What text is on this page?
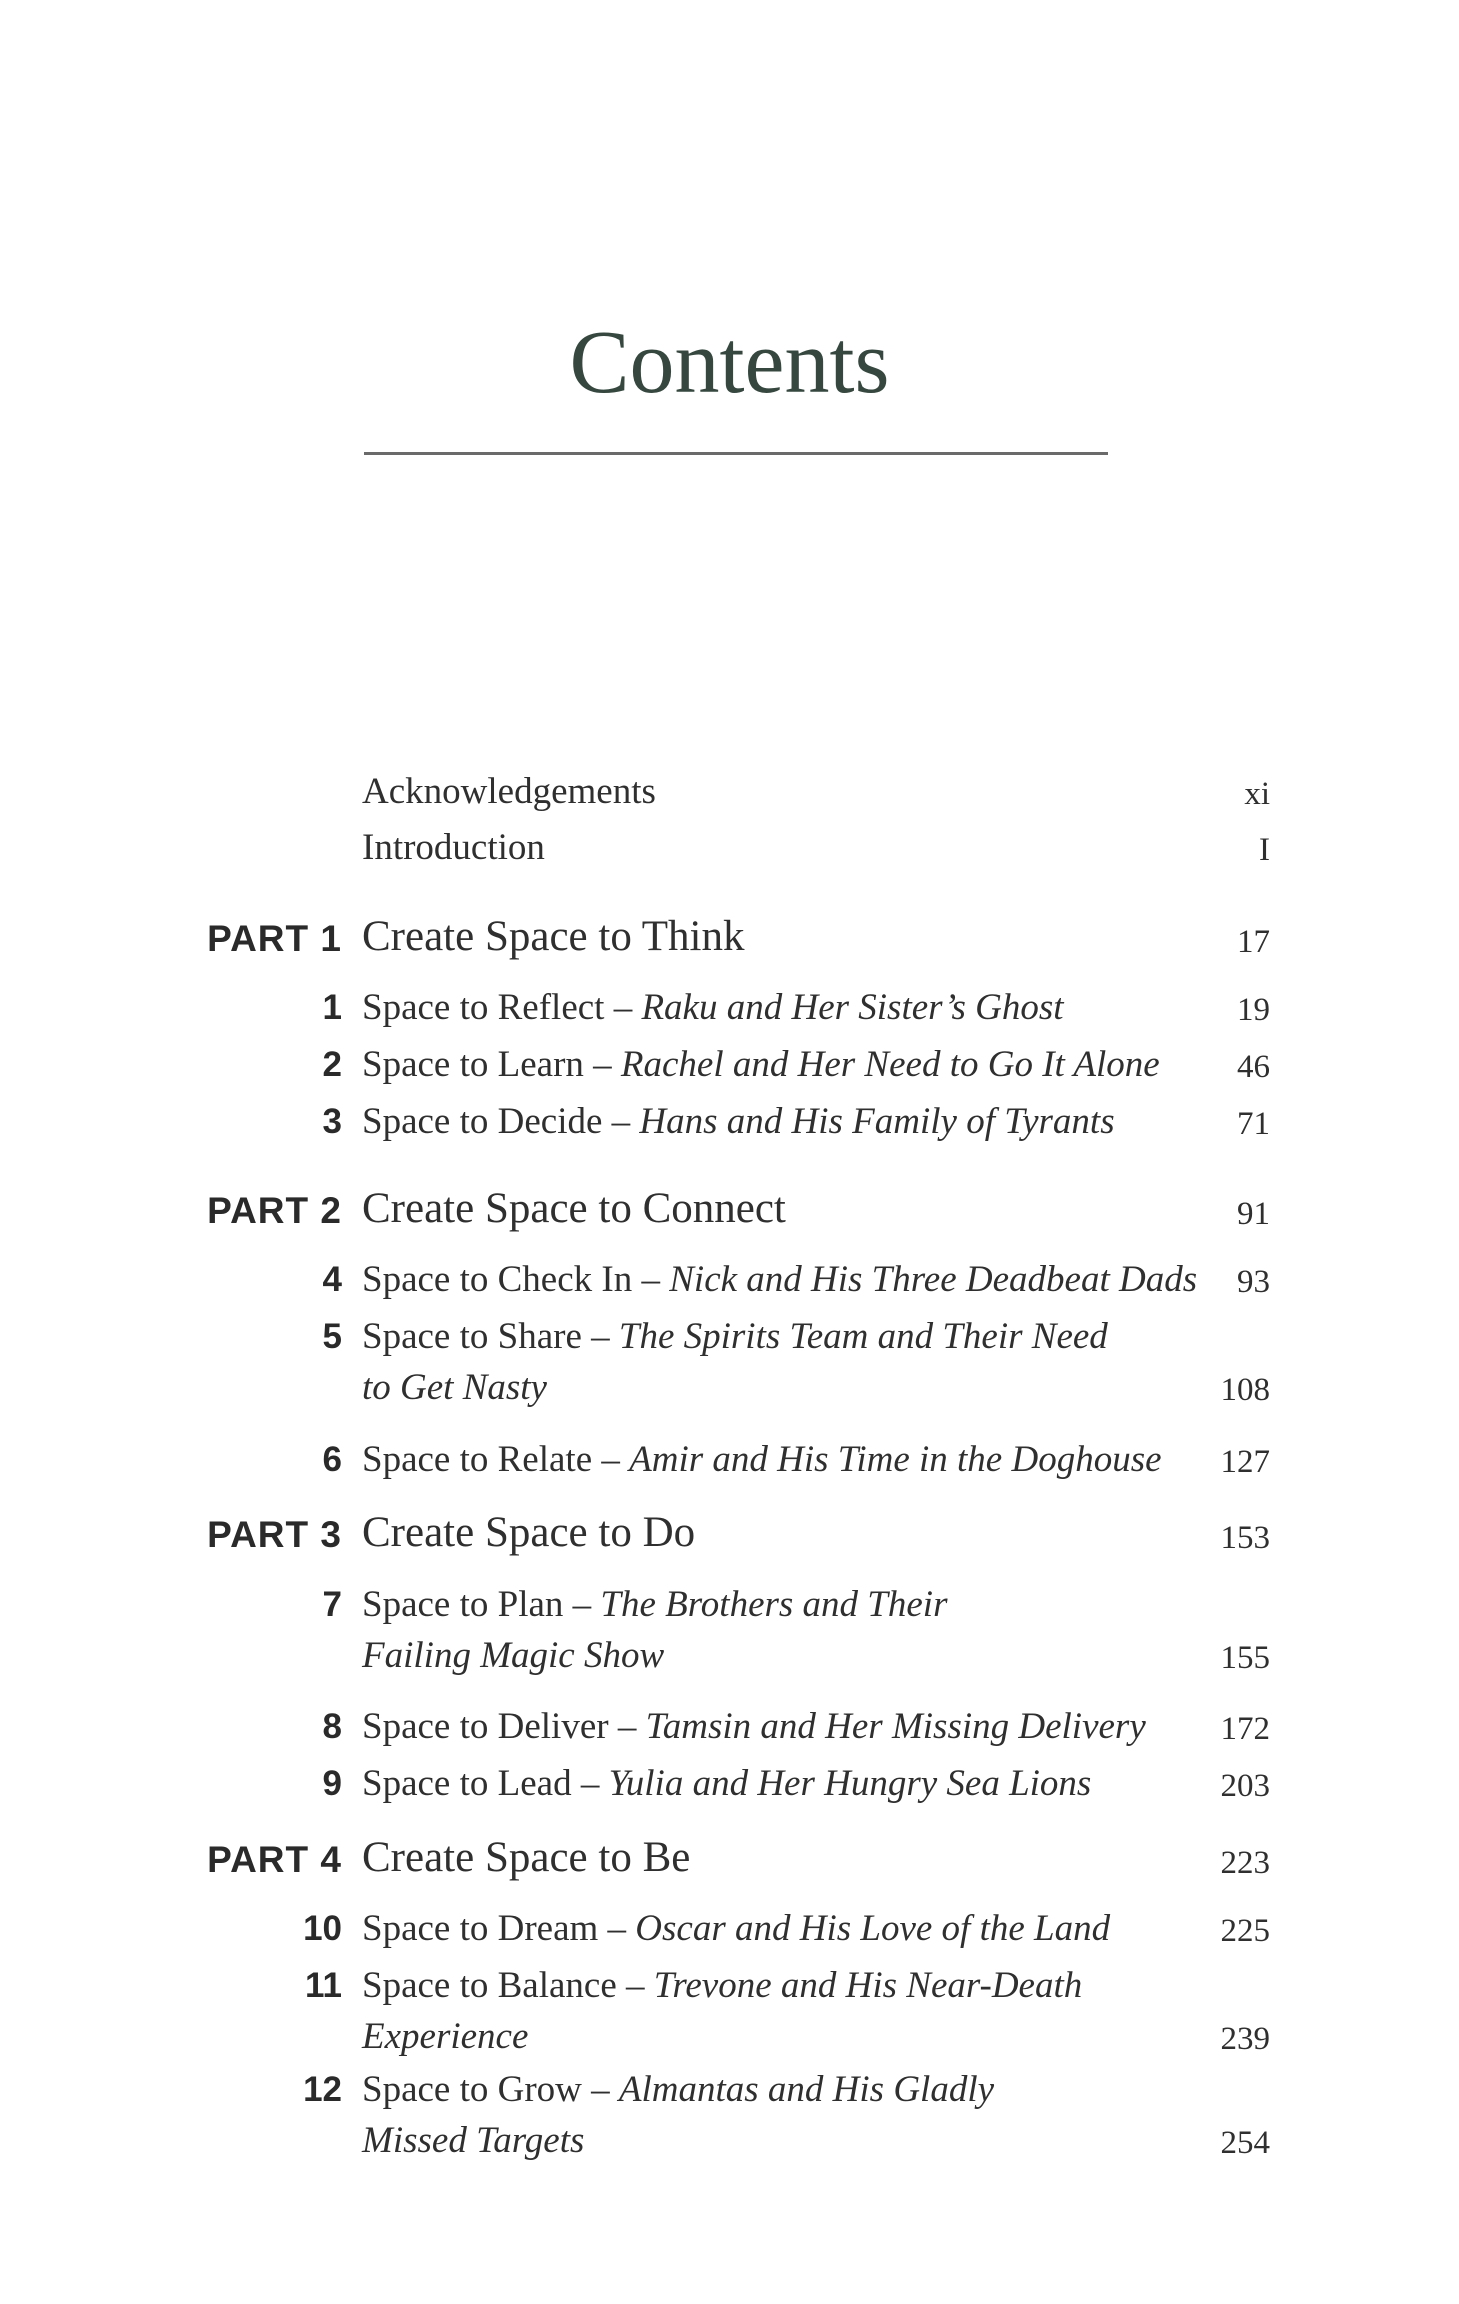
Contents
Acknowledgements	xi
Introduction	I
PART 1 Create Space to Think	17
1 Space to Reflect – Raku and Her Sister’s Ghost	19
2 Space to Learn – Rachel and Her Need to Go It Alone 46
3 Space to Decide – Hans and His Family of Tyrants	71
PART 2 Create Space to Connect	91
4 Space to Check In – Nick and His Three Deadbeat Dads 93
5 Space to Share – The Spirits Team and Their Need
to Get Nasty	108
6 Space to Relate – Amir and His Time in the Doghouse 127
PART 3 Create Space to Do	153
7 Space to Plan – The Brothers and Their
Failing Magic Show	155
8 Space to Deliver – Tamsin and Her Missing Delivery 172
9 Space to Lead – Yulia and Her Hungry Sea Lions	203
PART 4 Create Space to Be	223
10 Space to Dream – Oscar and His Love of the Land	225
11 Space to Balance – Trevone and His Near-Death
Experience	239
12 Space to Grow – Almantas and His Gladly
Missed Targets	254
